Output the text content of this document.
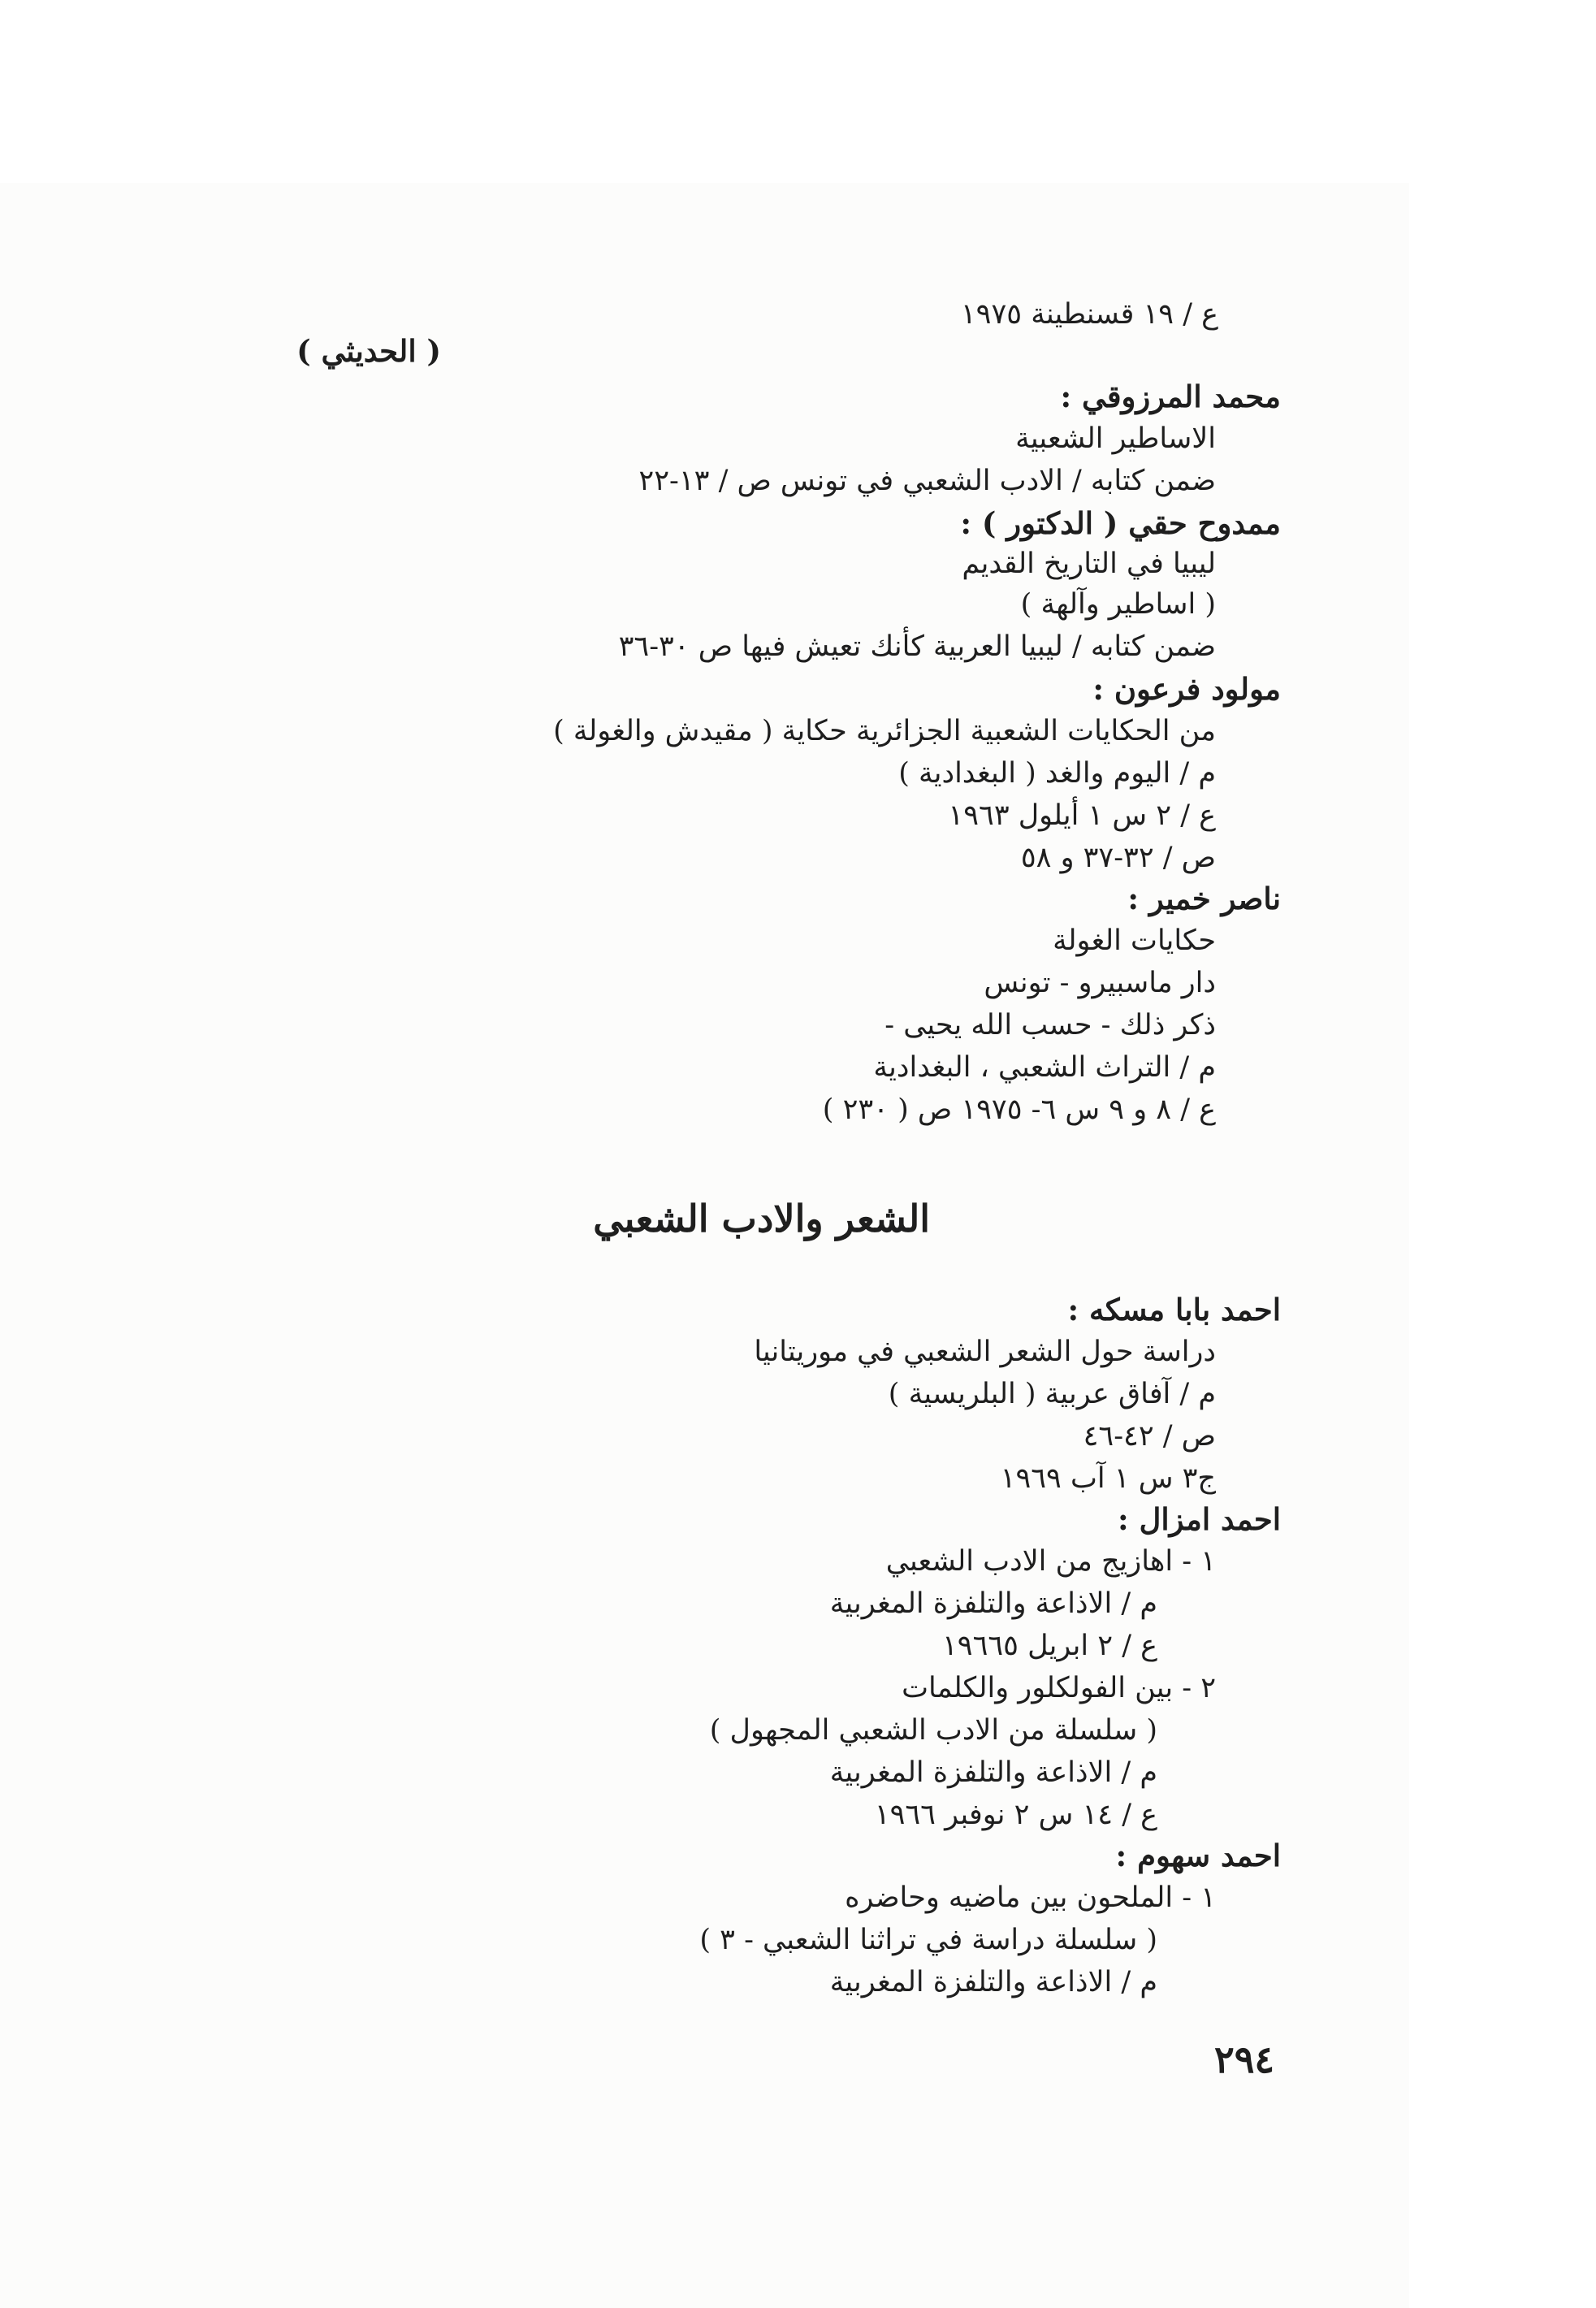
ع / ١٩ قسنطينة ١٩٧٥
( الحديثي )
محمد المرزوقي :
الاساطير الشعبية
ضمن كتابه / الادب الشعبي في تونس ص / ١٣-٢٢
ممدوح حقي ( الدكتور ) :
ليبيا في التاريخ القديم
( اساطير وآلهة )
ضمن كتابه / ليبيا العربية كأنك تعيش فيها ص ٣٠-٣٦
مولود فرعون :
من الحكايات الشعبية الجزائرية حكاية ( مقيدش والغولة )
م / اليوم والغد ( البغدادية )
ع / ٢ س ١ أيلول ١٩٦٣
ص / ٣٢-٣٧ و ٥٨
ناصر خمير :
حكايات الغولة
دار ماسبيرو - تونس
ذكر ذلك - حسب الله يحيى -
م / التراث الشعبي ، البغدادية
ع / ٨ و ٩ س ٦- ١٩٧٥ ص ( ٢٣٠ )
الشعر والادب الشعبي
احمد بابا مسكه :
دراسة حول الشعر الشعبي في موريتانيا
م / آفاق عربية ( البلريسية )
ص / ٤٢-٤٦
ج٣ س ١ آب ١٩٦٩
احمد امزال :
١ - اهازيج من الادب الشعبي
م / الاذاعة والتلفزة المغربية
ع / ٢ ابريل ١٩٦٦٥
٢ - بين الفولكلور والكلمات
( سلسلة من الادب الشعبي المجهول )
م / الاذاعة والتلفزة المغربية
ع / ١٤ س ٢ نوفبر ١٩٦٦
احمد سهوم :
١ - الملحون بين ماضيه وحاضره
( سلسلة دراسة في تراثنا الشعبي - ٣ )
م / الاذاعة والتلفزة المغربية
٢٩٤
